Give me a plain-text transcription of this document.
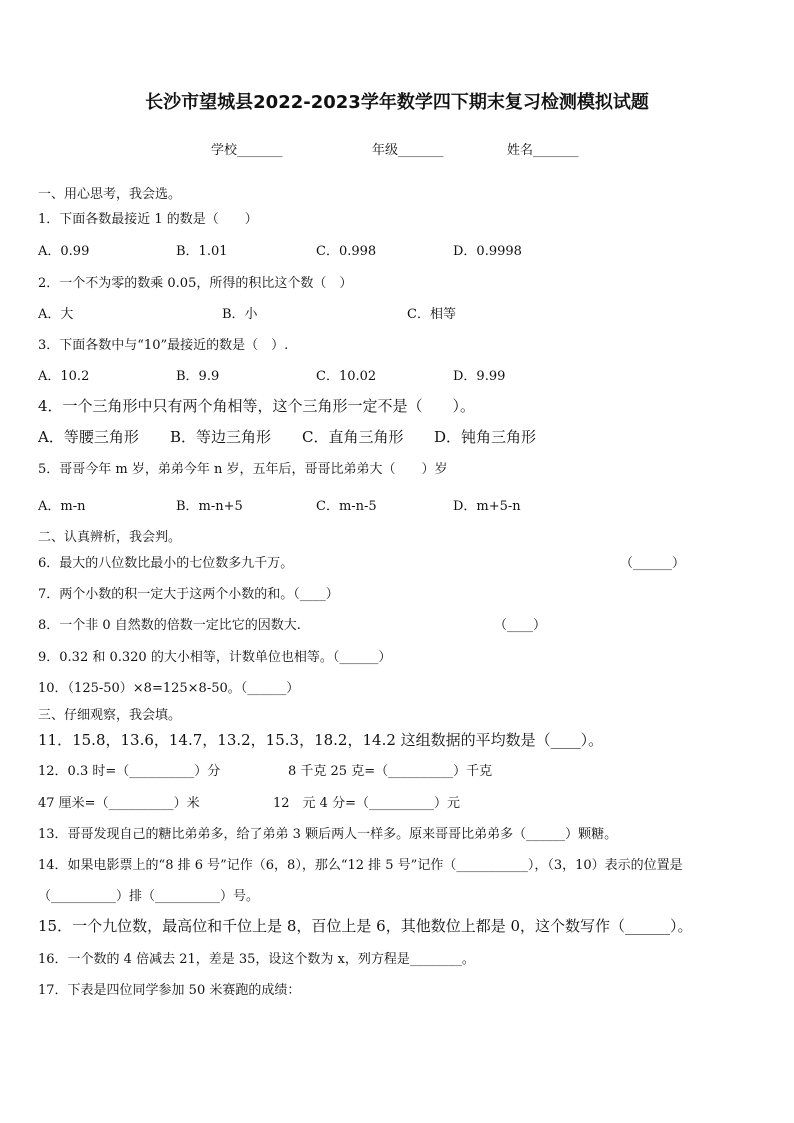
长沙市望城县2022-2023学年数学四下期末复习检测模拟试题
学校_______	年级_______	姓名_______
一、用心思考，我会选。
1．下面各数最接近 1 的数是（　　）
A．0.99	B．1.01	C．0.998	D．0.9998
2．一个不为零的数乘 0.05，所得的积比这个数（　）
A．大	B．小	C．相等
3．下面各数中与“10”最接近的数是（　）.
A．10.2	B．9.9	C．10.02	D．9.99
4．一个三角形中只有两个角相等，这个三角形一定不是（　　）。
A．等腰三角形 B．等边三角形 C．直角三角形 D．钝角三角形
5．哥哥今年 m 岁，弟弟今年 n 岁，五年后，哥哥比弟弟大（　　）岁
A．m-n	B．m-n+5	C．m-n-5	D．m+5-n
二、认真辨析，我会判。
6．最大的八位数比最小的七位数多九千万。	（______）
7．两个小数的积一定大于这两个小数的和。（____）
8．一个非 0 自然数的倍数一定比它的因数大.	（____）
9．0.32 和 0.320 的大小相等，计数单位也相等。（______）
10．（125-50）×8=125×8-50。（______）
三、仔细观察，我会填。
11．15.8，13.6，14.7，13.2，15.3，18.2，14.2 这组数据的平均数是（____）。
12．0.3 时=（__________）分	8 千克 25 克=（__________）千克
47 厘米=（__________）米	12　元 4 分=（__________）元
13．哥哥发现自己的糖比弟弟多，给了弟弟 3 颗后两人一样多。原来哥哥比弟弟多（______）颗糖。
14．如果电影票上的“8 排 6 号”记作（6，8），那么“12 排 5 号”记作（___________），（3，10）表示的位置是
（__________）排（__________）号。
15．一个九位数，最高位和千位上是 8，百位上是 6，其他数位上都是 0，这个数写作（______）。
16．一个数的 4 倍减去 21，差是 35，设这个数为 x，列方程是________。
17．下表是四位同学参加 50 米赛跑的成绩：
